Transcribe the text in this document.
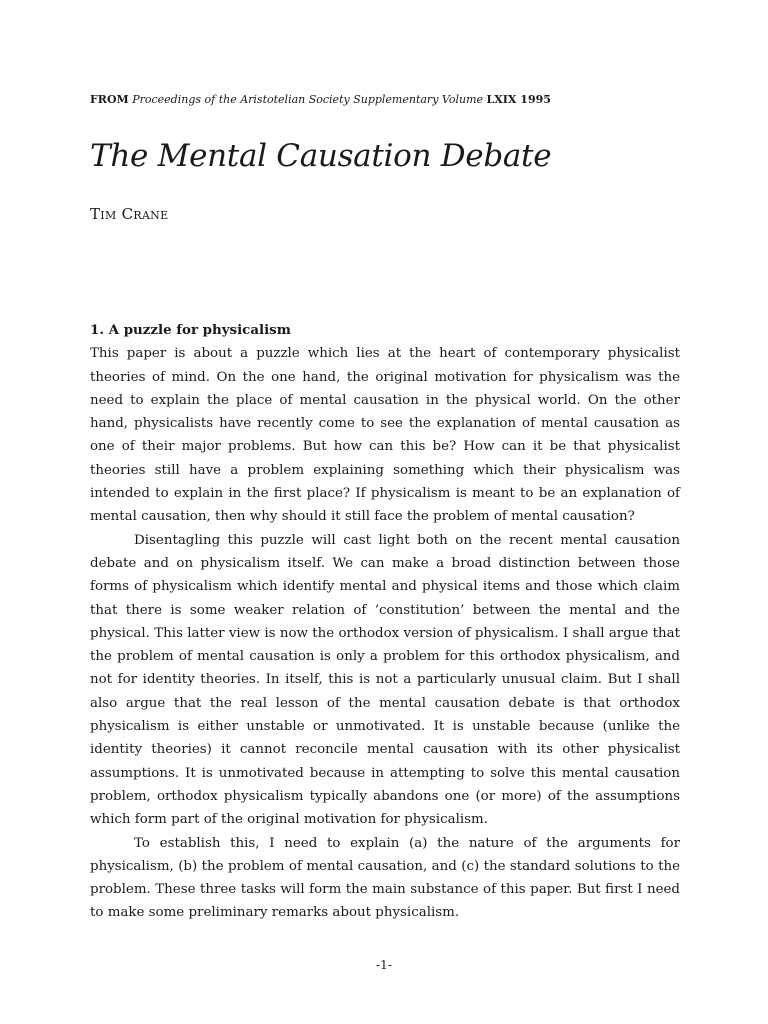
FROM Proceedings of the Aristotelian Society Supplementary Volume LXIX 1995
The Mental Causation Debate
Tim Crane
1. A puzzle for physicalism

This paper is about a puzzle which lies at the heart of contemporary physicalist theories of mind. On the one hand, the original motivation for physicalism was the need to explain the place of mental causation in the physical world. On the other hand, physicalists have recently come to see the explanation of mental causation as one of their major problems. But how can this be? How can it be that physicalist theories still have a problem explaining something which their physicalism was intended to explain in the first place? If physicalism is meant to be an explanation of mental causation, then why should it still face the problem of mental causation?

Disentagling this puzzle will cast light both on the recent mental causation debate and on physicalism itself. We can make a broad distinction between those forms of physicalism which identify mental and physical items and those which claim that there is some weaker relation of ‘constitution’ between the mental and the physical. This latter view is now the orthodox version of physicalism. I shall argue that the problem of mental causation is only a problem for this orthodox physicalism, and not for identity theories. In itself, this is not a particularly unusual claim. But I shall also argue that the real lesson of the mental causation debate is that orthodox physicalism is either unstable or unmotivated. It is unstable because (unlike the identity theories) it cannot reconcile mental causation with its other physicalist assumptions. It is unmotivated because in attempting to solve this mental causation problem, orthodox physicalism typically abandons one (or more) of the assumptions which form part of the original motivation for physicalism.

To establish this, I need to explain (a) the nature of the arguments for physicalism, (b) the problem of mental causation, and (c) the standard solutions to the problem. These three tasks will form the main substance of this paper. But first I need to make some preliminary remarks about physicalism.

-1-
